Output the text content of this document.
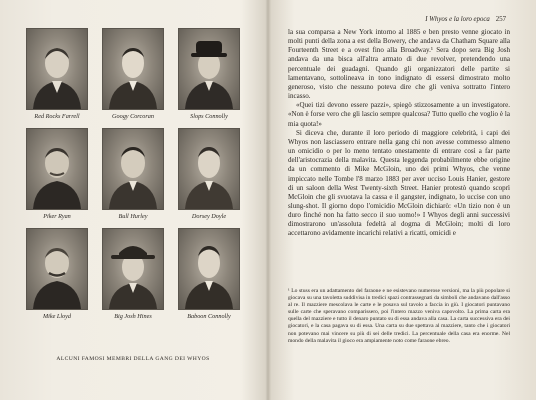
Red Rocks Farrell	Googy Corcoran	Slops Connolly
Piker Ryan	Bull Hurley	Dorsey Doyle
Mike Lloyd	Big Josh Hines	Baboon Connolly
ALCUNI FAMOSI MEMBRI DELLA GANG DEI WHYOS
I Whyos e la loro epoca 257

la sua comparsa a New York intorno al 1885 e ben presto venne giocato in molti punti della zona a est della Bowery, che andava da Chatham Square alla Fourteenth Street e a ovest fino alla Broadway.¹ Sera dopo sera Big Josh andava da una bisca all'altra armato di due revolver, pretendendo una percentuale dei guadagni. Quando gli organizzatori delle partite si lamentavano, sottolineava in tono indignato di essersi dimostrato molto generoso, visto che nessuno poteva dire che gli veniva sottratto l'intero incasso.

«Quei tizi devono essere pazzi», spiegò stizzosamente a un investigatore. «Non è forse vero che gli lascio sempre qualcosa? Tutto quello che voglio è la mia quota!»

Si diceva che, durante il loro periodo di maggiore celebrità, i capi dei Whyos non lasciassero entrare nella gang chi non avesse commesso almeno un omicidio o per lo meno tentato onestamente di entrare così a far parte dell'aristocrazia della malavita. Questa leggenda probabilmente ebbe origine da un commento di Mike McGloin, uno dei primi Whyos, che venne impiccato nelle Tombe l'8 marzo 1883 per aver ucciso Louis Hanier, gestore di un saloon della West Twenty-sixth Street. Hanier protestò quando scoprì McGloin che gli svuotava la cassa e il gangster, indignato, lo uccise con uno slung-shot. Il giorno dopo l'omicidio McGloin dichiarò: «Un tizio non è un duro finché non ha fatto secco il suo uomo!» I Whyos degli anni successivi dimostrarono un'assoluta fedeltà al dogma di McGloin; molti di loro accettarono avidamente incarichi relativi a ricatti, omicidi e

¹ Lo stuss era un adattamento del faraone e ne esistevano numerose versioni, ma la più popolare si giocava su una tavoletta suddivisa in tredici spazi contrassegnati da simboli che andavano dall'asso al re. Il mazziere mescolava le carte e le posava sul tavolo a faccia in giù. I giocatori puntavano sulle carte che speravano comparissero, poi l'intero mazzo veniva capovolto. La prima carta era quella del mazziere e tutto il denaro puntato su di essa andava alla casa. La carta successiva era dei giocatori, e la casa pagava su di essa. Una carta su due spettava al mazziere, tanto che i giocatori non potevano mai vincere su più di sei delle tredici. La percentuale della casa era enorme. Nel mondo della malavita il gioco era ampiamente noto come faraone ebreo.
